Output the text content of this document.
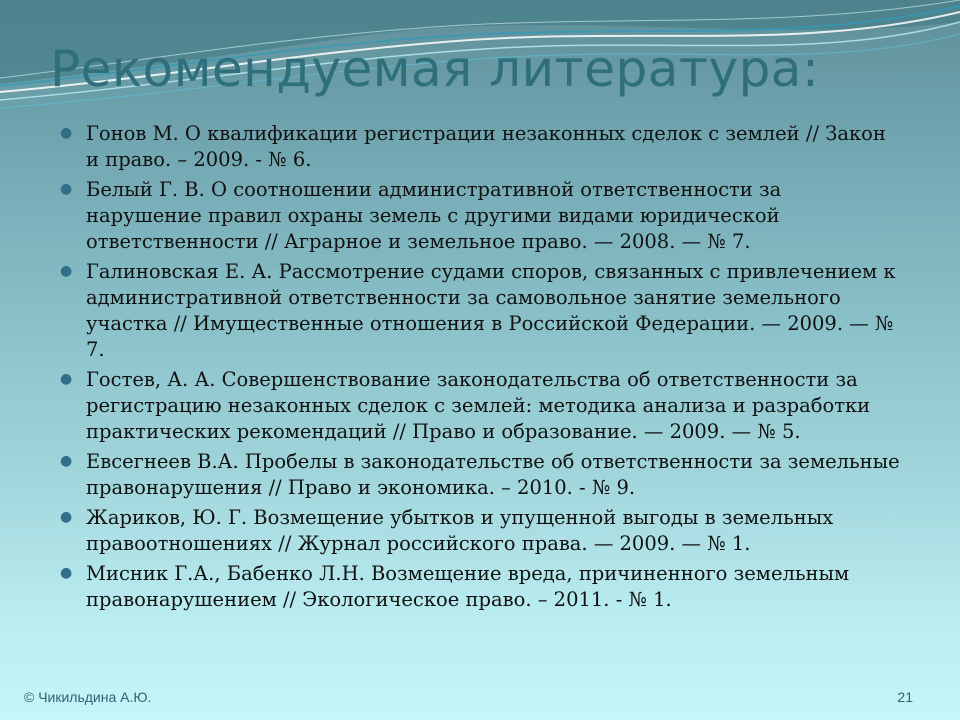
Рекомендуемая литература:
● Гонов М. О квалификации регистрации незаконных сделок с землей // Закон и право. – 2009. - № 6.
● Белый Г. В. О соотношении административной ответственности за нарушение правил охраны земель с другими видами юридической ответственности // Аграрное и земельное право. — 2008. — № 7.
● Галиновская Е. А. Рассмотрение судами споров, связанных с привлечением к административной ответственности за самовольное занятие земельного участка // Имущественные отношения в Российской Федерации. — 2009. — № 7.
● Гостев, А. А. Совершенствование законодательства об ответственности за регистрацию незаконных сделок с землей: методика анализа и разработки практических рекомендаций // Право и образование. — 2009. — № 5.
● Евсегнеев В.А. Пробелы в законодательстве об ответственности за земельные правонарушения // Право и экономика. – 2010. - № 9.
● Жариков, Ю. Г. Возмещение убытков и упущенной выгоды в земельных правоотношениях // Журнал российского права. — 2009. — № 1.
● Мисник Г.А., Бабенко Л.Н. Возмещение вреда, причиненного земельным правонарушением // Экологическое право. – 2011. - № 1.
© Чикильдина А.Ю.	21
